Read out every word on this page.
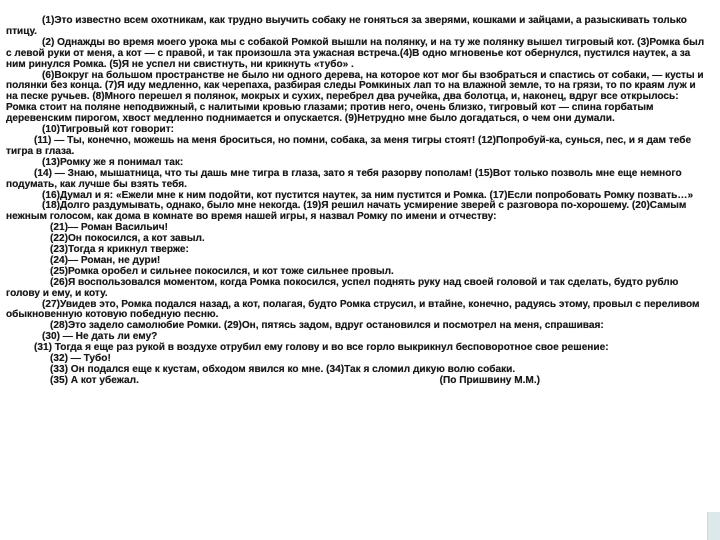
(1)Это известно всем охотникам, как трудно выучить собаку не гоняться за зверями, кошками и зайцами, а разыскивать только птицу.

(2) Однажды во время моего урока мы с собакой Ромкой вышли на полянку, и на ту же полянку вышел тигровый кот. (3)Ромка был с левой руки от меня, а кот — с правой, и так произошла эта ужасная встреча.(4)В одно мгновенье кот обернулся, пустился наутек, а за ним ринулся Ромка. (5)Я не успел ни свистнуть, ни крикнуть «тубо» .

(6)Вокруг на большом пространстве не было ни одного дерева, на которое кот мог бы взобраться и спастись от собаки, — кусты и полянки без конца. (7)Я иду медленно, как черепаха, разбирая следы Ромкиных лап то на влажной земле, то на грязи, то по краям луж и на песке ручьев. (8)Много перешел я полянок, мокрых и сухих, перебрел два ручейка, два болотца, и, наконец, вдруг все открылось: Ромка стоит на поляне неподвижный, с налитыми кровью глазами; против него, очень близко, тигровый кот — спина горбатым деревенским пирогом, хвост медленно поднимается и опускается. (9)Нетрудно мне было догадаться, о чем они думали.

(10)Тигровый кот говорит:

(11) — Ты, конечно, можешь на меня броситься, но помни, собака, за меня тигры стоят! (12)Попробуй-ка, сунься, пес, и я дам тебе тигра в глаза.

(13)Ромку же я понимал так:

(14) — Знаю, мышатница, что ты дашь мне тигра в глаза, зато я тебя разорву пополам! (15)Вот только позволь мне еще немного подумать, как лучше бы взять тебя.

(16)Думал и я: «Ежели мне к ним подойти, кот пустится наутек, за ним пустится и Ромка. (17)Если попробовать Ромку позвать…»

(18)Долго раздумывать, однако, было мне некогда. (19)Я решил начать усмирение зверей с разговора по-хорошему. (20)Самым нежным голосом, как дома в комнате во время нашей игры, я назвал Ромку по имени и отчеству:

(21)— Роман Васильич!

(22)Он покосился, а кот завыл.

(23)Тогда я крикнул тверже:

(24)— Роман, не дури!

(25)Ромка оробел и сильнее покосился, и кот тоже сильнее провыл.

(26)Я воспользовался моментом, когда Ромка покосился, успел поднять руку над своей головой и так сделать, будто рублю голову и ему, и коту.

(27)Увидев это, Ромка подался назад, а кот, полагая, будто Ромка струсил, и втайне, конечно, радуясь этому, провыл с переливом обыкновенную котовую победную песню.

(28)Это задело самолюбие Ромки. (29)Он, пятясь задом, вдруг остановился и посмотрел на меня, спрашивая:

(30) — Не дать ли ему?

(31) Тогда я еще раз рукой в воздухе отрубил ему голову и во все горло выкрикнул бесповоротное свое решение:

(32) — Тубо!

(33) Он подался еще к кустам, обходом явился ко мне. (34)Так я сломил дикую волю собаки.

(35) А кот убежал.	(По Пришвину М.М.)
